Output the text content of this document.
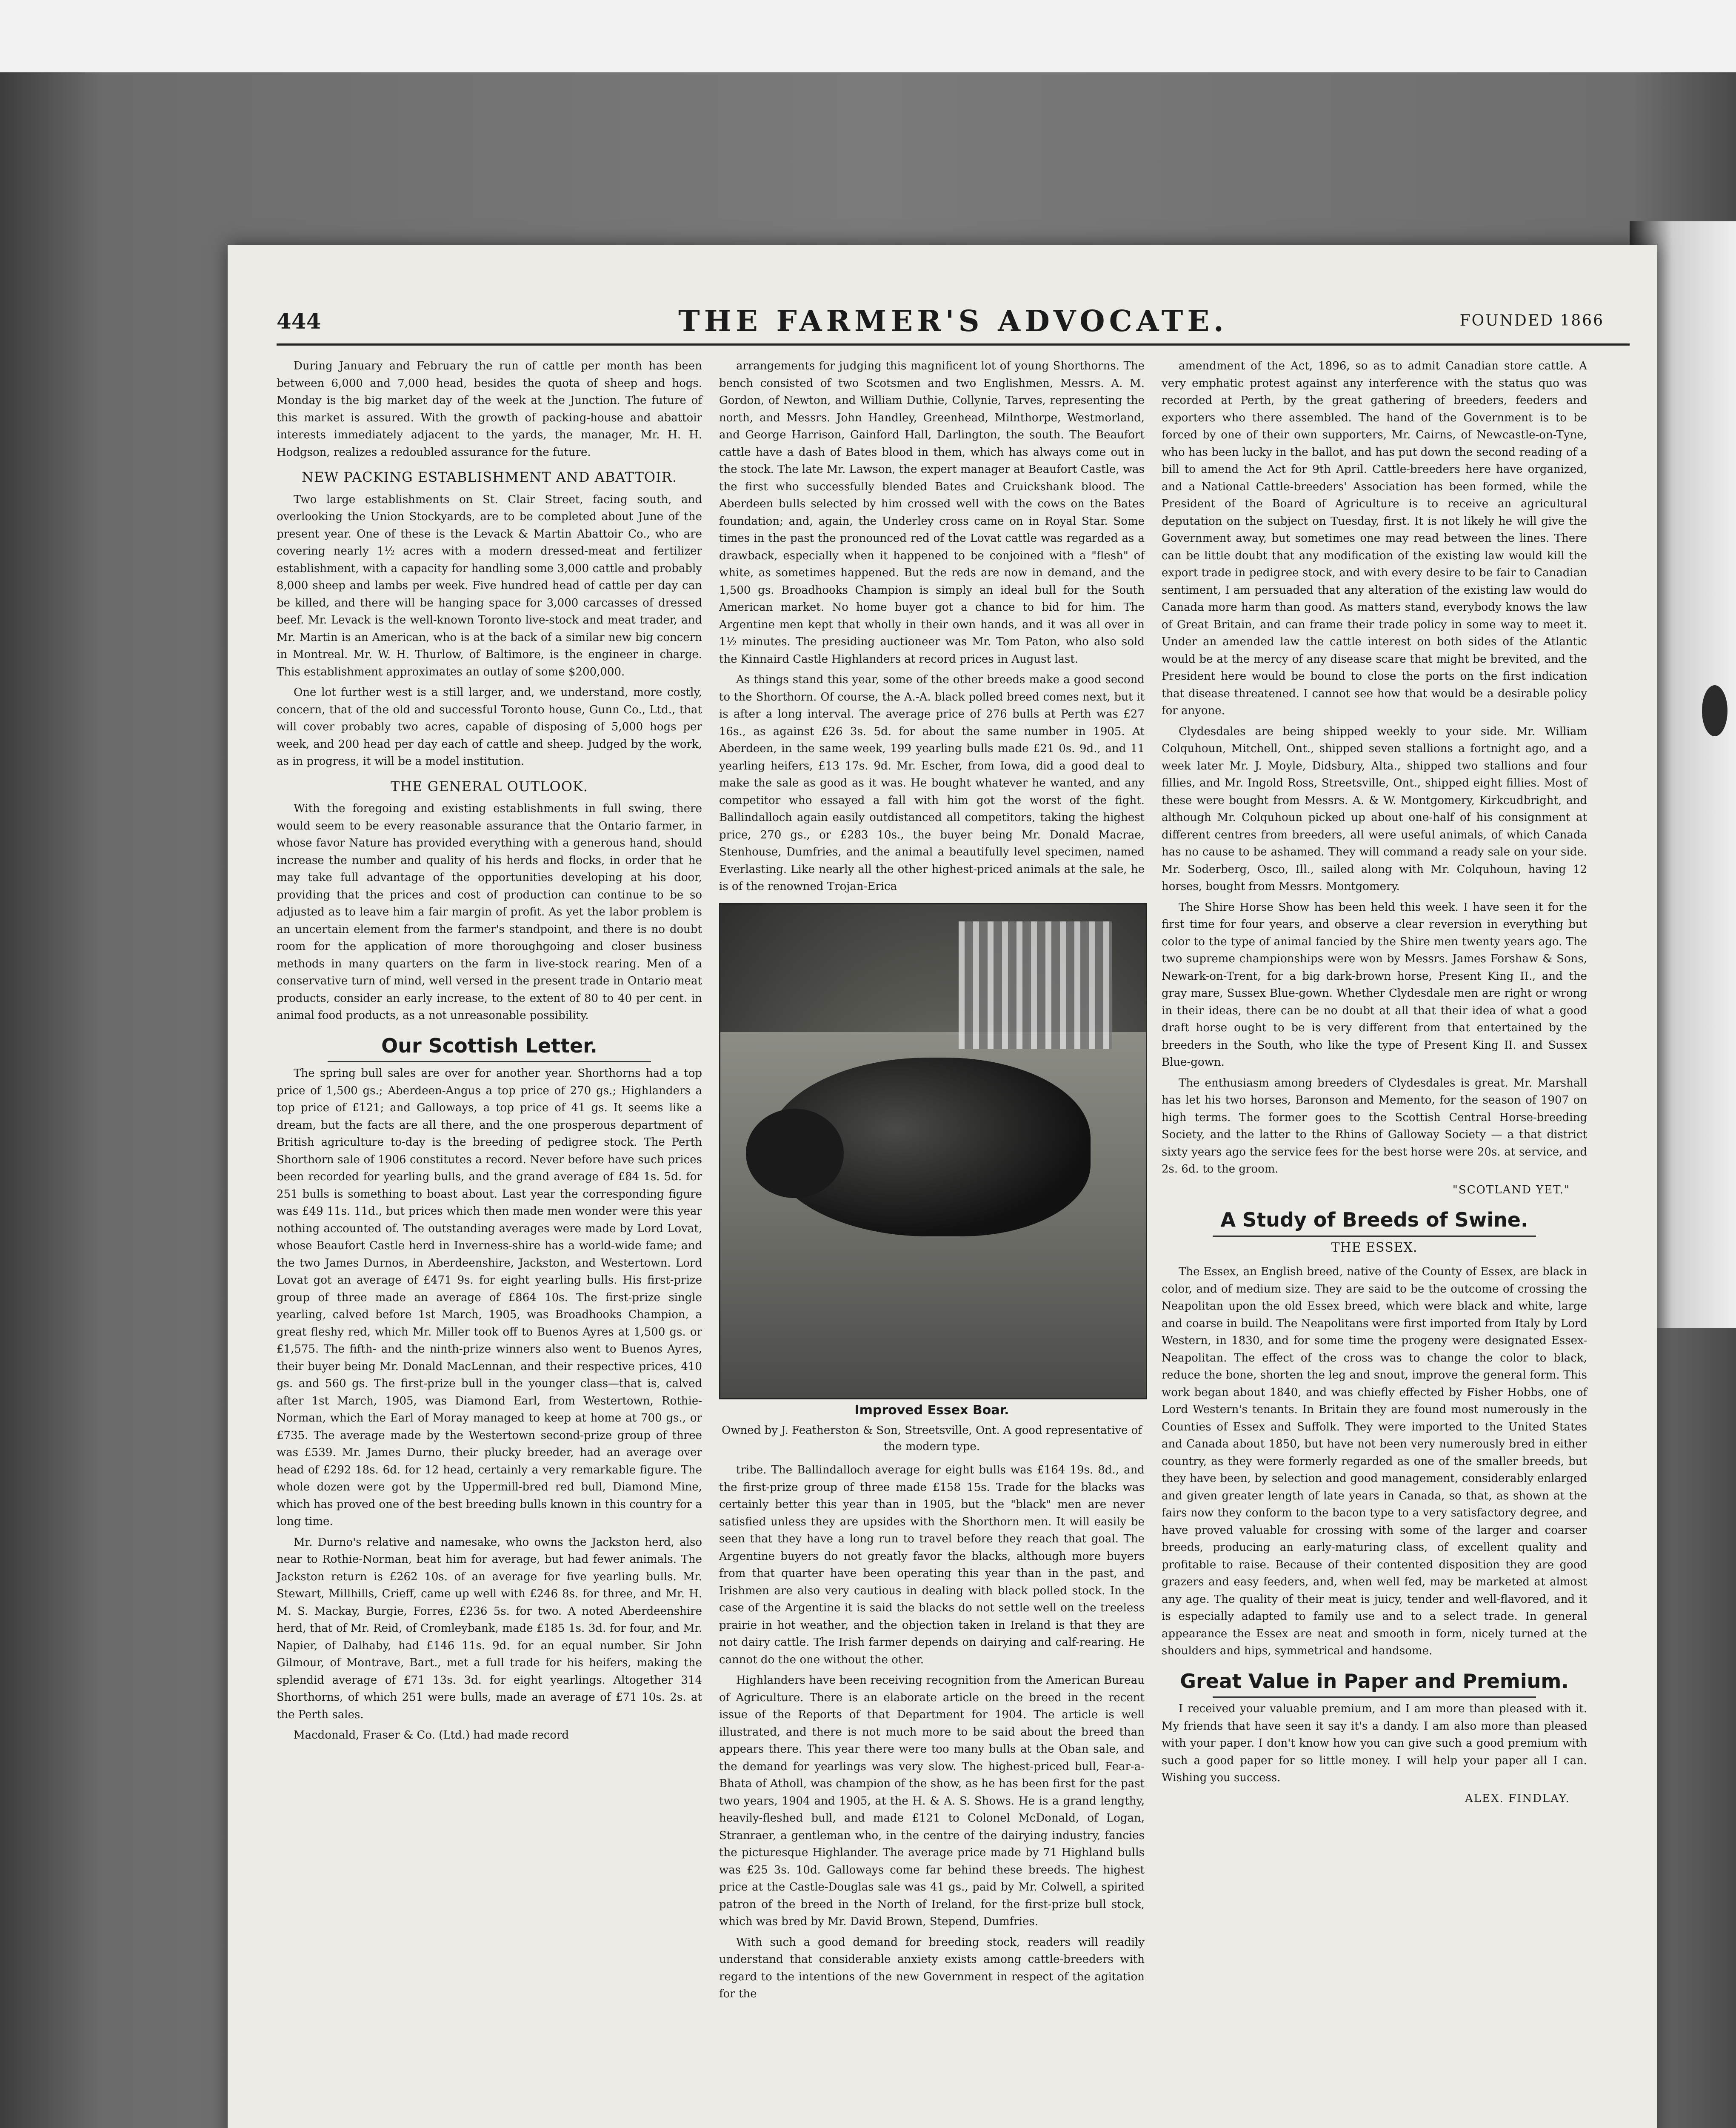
444	THE FARMER'S ADVOCATE.	FOUNDED 1866

During January and February the run of cattle per month has been between 6,000 and 7,000 head, besides the quota of sheep and hogs. Monday is the big market day of the week at the Junction. The future of this market is assured. With the growth of packing-house and abattoir interests immediately adjacent to the yards, the manager, Mr. H. H. Hodgson, realizes a redoubled assurance for the future.

NEW PACKING ESTABLISHMENT AND ABATTOIR.

Two large establishments on St. Clair Street, facing south, and overlooking the Union Stockyards, are to be completed about June of the present year. One of these is the Levack & Martin Abattoir Co., who are covering nearly 1½ acres with a modern dressed-meat and fertilizer establishment, with a capacity for handling some 3,000 cattle and probably 8,000 sheep and lambs per week. Five hundred head of cattle per day can be killed, and there will be hanging space for 3,000 carcasses of dressed beef. Mr. Levack is the well-known Toronto live-stock and meat trader, and Mr. Martin is an American, who is at the back of a similar new big concern in Montreal. Mr. W. H. Thurlow, of Baltimore, is the engineer in charge. This establishment approximates an outlay of some $200,000.

One lot further west is a still larger, and, we understand, more costly, concern, that of the old and successful Toronto house, Gunn Co., Ltd., that will cover probably two acres, capable of disposing of 5,000 hogs per week, and 200 head per day each of cattle and sheep. Judged by the work, as in progress, it will be a model institution.

THE GENERAL OUTLOOK.

With the foregoing and existing establishments in full swing, there would seem to be every reasonable assurance that the Ontario farmer, in whose favor Nature has provided everything with a generous hand, should increase the number and quality of his herds and flocks, in order that he may take full advantage of the opportunities developing at his door, providing that the prices and cost of production can continue to be so adjusted as to leave him a fair margin of profit. As yet the labor problem is an uncertain element from the farmer's standpoint, and there is no doubt room for the application of more thoroughgoing and closer business methods in many quarters on the farm in live-stock rearing. Men of a conservative turn of mind, well versed in the present trade in Ontario meat products, consider an early increase, to the extent of 80 to 40 per cent. in animal food products, as a not unreasonable possibility.

Our Scottish Letter.

The spring bull sales are over for another year. Shorthorns had a top price of 1,500 gs.; Aberdeen-Angus a top price of 270 gs.; Highlanders a top price of £121; and Galloways, a top price of 41 gs. It seems like a dream, but the facts are all there, and the one prosperous department of British agriculture to-day is the breeding of pedigree stock. The Perth Shorthorn sale of 1906 constitutes a record. Never before have such prices been recorded for yearling bulls, and the grand average of £84 1s. 5d. for 251 bulls is something to boast about. Last year the corresponding figure was £49 11s. 11d., but prices which then made men wonder were this year nothing accounted of. The outstanding averages were made by Lord Lovat, whose Beaufort Castle herd in Inverness-shire has a world-wide fame; and the two James Durnos, in Aberdeenshire, Jackston, and Westertown. Lord Lovat got an average of £471 9s. for eight yearling bulls. His first-prize group of three made an average of £864 10s. The first-prize single yearling, calved before 1st March, 1905, was Broadhooks Champion, a great fleshy red, which Mr. Miller took off to Buenos Ayres at 1,500 gs. or £1,575. The fifth- and the ninth-prize winners also went to Buenos Ayres, their buyer being Mr. Donald MacLennan, and their respective prices, 410 gs. and 560 gs. The first-prize bull in the younger class—that is, calved after 1st March, 1905, was Diamond Earl, from Westertown, Rothie-Norman, which the Earl of Moray managed to keep at home at 700 gs., or £735. The average made by the Westertown second-prize group of three was £539. Mr. James Durno, their plucky breeder, had an average over head of £292 18s. 6d. for 12 head, certainly a very remarkable figure. The whole dozen were got by the Uppermill-bred red bull, Diamond Mine, which has proved one of the best breeding bulls known in this country for a long time.

Mr. Durno's relative and namesake, who owns the Jackston herd, also near to Rothie-Norman, beat him for average, but had fewer animals. The Jackston return is £262 10s. of an average for five yearling bulls. Mr. Stewart, Millhills, Crieff, came up well with £246 8s. for three, and Mr. H. M. S. Mackay, Burgie, Forres, £236 5s. for two. A noted Aberdeenshire herd, that of Mr. Reid, of Cromleybank, made £185 1s. 3d. for four, and Mr. Napier, of Dalhaby, had £146 11s. 9d. for an equal number. Sir John Gilmour, of Montrave, Bart., met a full trade for his heifers, making the splendid average of £71 13s. 3d. for eight yearlings. Altogether 314 Shorthorns, of which 251 were bulls, made an average of £71 10s. 2s. at the Perth sales.

Macdonald, Fraser & Co. (Ltd.) had made record

arrangements for judging this magnificent lot of young Shorthorns. The bench consisted of two Scotsmen and two Englishmen, Messrs. A. M. Gordon, of Newton, and William Duthie, Collynie, Tarves, representing the north, and Messrs. John Handley, Greenhead, Milnthorpe, Westmorland, and George Harrison, Gainford Hall, Darlington, the south. The Beaufort cattle have a dash of Bates blood in them, which has always come out in the stock. The late Mr. Lawson, the expert manager at Beaufort Castle, was the first who successfully blended Bates and Cruickshank blood. The Aberdeen bulls selected by him crossed well with the cows on the Bates foundation; and, again, the Underley cross came on in Royal Star. Some times in the past the pronounced red of the Lovat cattle was regarded as a drawback, especially when it happened to be conjoined with a "flesh" of white, as sometimes happened. But the reds are now in demand, and the 1,500 gs. Broadhooks Champion is simply an ideal bull for the South American market. No home buyer got a chance to bid for him. The Argentine men kept that wholly in their own hands, and it was all over in 1½ minutes. The presiding auctioneer was Mr. Tom Paton, who also sold the Kinnaird Castle Highlanders at record prices in August last.

As things stand this year, some of the other breeds make a good second to the Shorthorn. Of course, the A.-A. black polled breed comes next, but it is after a long interval. The average price of 276 bulls at Perth was £27 16s., as against £26 3s. 5d. for about the same number in 1905. At Aberdeen, in the same week, 199 yearling bulls made £21 0s. 9d., and 11 yearling heifers, £13 17s. 9d. Mr. Escher, from Iowa, did a good deal to make the sale as good as it was. He bought whatever he wanted, and any competitor who essayed a fall with him got the worst of the fight. Ballindalloch again easily outdistanced all competitors, taking the highest price, 270 gs., or £283 10s., the buyer being Mr. Donald Macrae, Stenhouse, Dumfries, and the animal a beautifully level specimen, named Everlasting. Like nearly all the other highest-priced animals at the sale, he is of the renowned Trojan-Erica

Improved Essex Boar.
Owned by J. Featherston & Son, Streetsville, Ont. A good representative of the modern type.

tribe. The Ballindalloch average for eight bulls was £164 19s. 8d., and the first-prize group of three made £158 15s. Trade for the blacks was certainly better this year than in 1905, but the "black" men are never satisfied unless they are upsides with the Shorthorn men. It will easily be seen that they have a long run to travel before they reach that goal. The Argentine buyers do not greatly favor the blacks, although more buyers from that quarter have been operating this year than in the past, and Irishmen are also very cautious in dealing with black polled stock. In the case of the Argentine it is said the blacks do not settle well on the treeless prairie in hot weather, and the objection taken in Ireland is that they are not dairy cattle. The Irish farmer depends on dairying and calf-rearing. He cannot do the one without the other.

Highlanders have been receiving recognition from the American Bureau of Agriculture. There is an elaborate article on the breed in the recent issue of the Reports of that Department for 1904. The article is well illustrated, and there is not much more to be said about the breed than appears there. This year there were too many bulls at the Oban sale, and the demand for yearlings was very slow. The highest-priced bull, Fear-a-Bhata of Atholl, was champion of the show, as he has been first for the past two years, 1904 and 1905, at the H. & A. S. Shows. He is a grand lengthy, heavily-fleshed bull, and made £121 to Colonel McDonald, of Logan, Stranraer, a gentleman who, in the centre of the dairying industry, fancies the picturesque Highlander. The average price made by 71 Highland bulls was £25 3s. 10d. Galloways come far behind these breeds. The highest price at the Castle-Douglas sale was 41 gs., paid by Mr. Colwell, a spirited patron of the breed in the North of Ireland, for the first-prize bull stock, which was bred by Mr. David Brown, Stepend, Dumfries.

With such a good demand for breeding stock, readers will readily understand that considerable anxiety exists among cattle-breeders with regard to the intentions of the new Government in respect of the agitation for the

amendment of the Act, 1896, so as to admit Canadian store cattle. A very emphatic protest against any interference with the status quo was recorded at Perth, by the great gathering of breeders, feeders and exporters who there assembled. The hand of the Government is to be forced by one of their own supporters, Mr. Cairns, of Newcastle-on-Tyne, who has been lucky in the ballot, and has put down the second reading of a bill to amend the Act for 9th April. Cattle-breeders here have organized, and a National Cattle-breeders' Association has been formed, while the President of the Board of Agriculture is to receive an agricultural deputation on the subject on Tuesday, first. It is not likely he will give the Government away, but sometimes one may read between the lines. There can be little doubt that any modification of the existing law would kill the export trade in pedigree stock, and with every desire to be fair to Canadian sentiment, I am persuaded that any alteration of the existing law would do Canada more harm than good. As matters stand, everybody knows the law of Great Britain, and can frame their trade policy in some way to meet it. Under an amended law the cattle interest on both sides of the Atlantic would be at the mercy of any disease scare that might be brevited, and the President here would be bound to close the ports on the first indication that disease threatened. I cannot see how that would be a desirable policy for anyone.

Clydesdales are being shipped weekly to your side. Mr. William Colquhoun, Mitchell, Ont., shipped seven stallions a fortnight ago, and a week later Mr. J. Moyle, Didsbury, Alta., shipped two stallions and four fillies, and Mr. Ingold Ross, Streetsville, Ont., shipped eight fillies. Most of these were bought from Messrs. A. & W. Montgomery, Kirkcudbright, and although Mr. Colquhoun picked up about one-half of his consignment at different centres from breeders, all were useful animals, of which Canada has no cause to be ashamed. They will command a ready sale on your side. Mr. Soderberg, Osco, Ill., sailed along with Mr. Colquhoun, having 12 horses, bought from Messrs. Montgomery.

The Shire Horse Show has been held this week. I have seen it for the first time for four years, and observe a clear reversion in everything but color to the type of animal fancied by the Shire men twenty years ago. The two supreme championships were won by Messrs. James Forshaw & Sons, Newark-on-Trent, for a big dark-brown horse, Present King II., and the gray mare, Sussex Blue-gown. Whether Clydesdale men are right or wrong in their ideas, there can be no doubt at all that their idea of what a good draft horse ought to be is very different from that entertained by the breeders in the South, who like the type of Present King II. and Sussex Blue-gown.

The enthusiasm among breeders of Clydesdales is great. Mr. Marshall has let his two horses, Baronson and Memento, for the season of 1907 on high terms. The former goes to the Scottish Central Horse-breeding Society, and the latter to the Rhins of Galloway Society — a that district sixty years ago the service fees for the best horse were 20s. at service, and 2s. 6d. to the groom.

"SCOTLAND YET."
A Study of Breeds of Swine.
THE ESSEX.

The Essex, an English breed, native of the County of Essex, are black in color, and of medium size. They are said to be the outcome of crossing the Neapolitan upon the old Essex breed, which were black and white, large and coarse in build. The Neapolitans were first imported from Italy by Lord Western, in 1830, and for some time the progeny were designated Essex-Neapolitan. The effect of the cross was to change the color to black, reduce the bone, shorten the leg and snout, improve the general form. This work began about 1840, and was chiefly effected by Fisher Hobbs, one of Lord Western's tenants. In Britain they are found most numerously in the Counties of Essex and Suffolk. They were imported to the United States and Canada about 1850, but have not been very numerously bred in either country, as they were formerly regarded as one of the smaller breeds, but they have been, by selection and good management, considerably enlarged and given greater length of late years in Canada, so that, as shown at the fairs now they conform to the bacon type to a very satisfactory degree, and have proved valuable for crossing with some of the larger and coarser breeds, producing an early-maturing class, of excellent quality and profitable to raise. Because of their contented disposition they are good grazers and easy feeders, and, when well fed, may be marketed at almost any age. The quality of their meat is juicy, tender and well-flavored, and it is especially adapted to family use and to a select trade. In general appearance the Essex are neat and smooth in form, nicely turned at the shoulders and hips, symmetrical and handsome.

Great Value in Paper and Premium.

I received your valuable premium, and I am more than pleased with it. My friends that have seen it say it's a dandy. I am also more than pleased with your paper. I don't know how you can give such a good premium with such a good paper for so little money. I will help your paper all I can. Wishing you success.

ALEX. FINDLAY.
